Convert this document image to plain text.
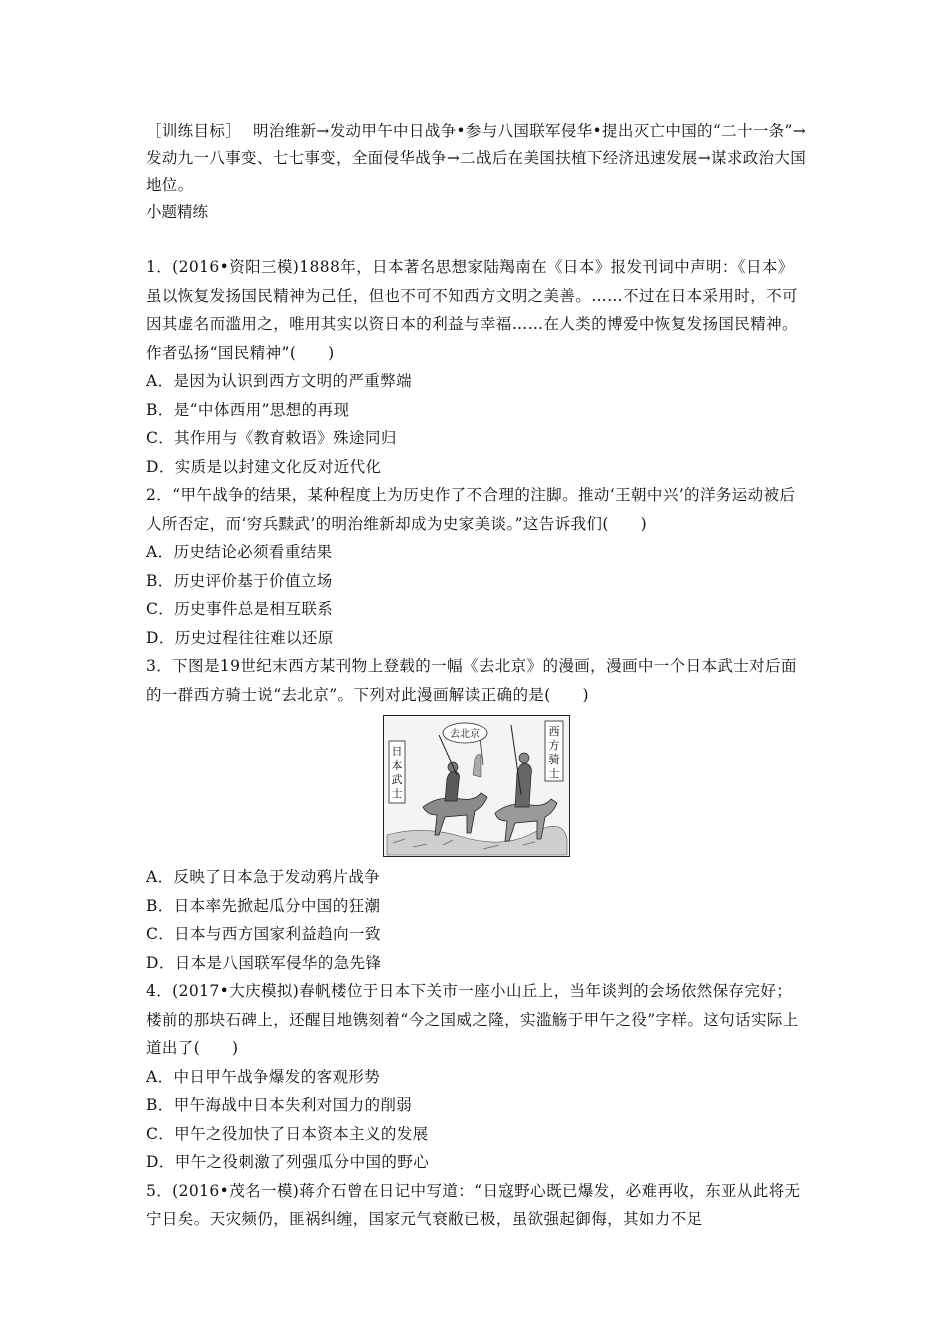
［训练目标］ 明治维新→发动甲午中日战争•参与八国联军侵华•提出灭亡中国的“二十一条”→发动九一八事变、七七事变，全面侵华战争→二战后在美国扶植下经济迅速发展→谋求政治大国地位。

小题精练

1．(2016•资阳三模)1888年，日本著名思想家陆羯南在《日本》报发刊词中声明：《日本》虽以恢复发扬国民精神为己任，但也不可不知西方文明之美善。……不过在日本采用时，不可因其虚名而滥用之，唯用其实以资日本的利益与幸福……在人类的博爱中恢复发扬国民精神。作者弘扬“国民精神”(　　)

A．是因为认识到西方文明的严重弊端

B．是“中体西用”思想的再现

C．其作用与《教育敕语》殊途同归

D．实质是以封建文化反对近代化

2．“甲午战争的结果，某种程度上为历史作了不合理的注脚。推动‘王朝中兴’的洋务运动被后人所否定，而‘穷兵黩武’的明治维新却成为史家美谈。”这告诉我们(　　)

A．历史结论必须看重结果

B．历史评价基于价值立场

C．历史事件总是相互联系

D．历史过程往往难以还原

3．下图是19世纪末西方某刊物上登载的一幅《去北京》的漫画，漫画中一个日本武士对后面的一群西方骑士说“去北京”。下列对此漫画解读正确的是(　　)

日本武士
去北京	西方骑士

A．反映了日本急于发动鸦片战争

B．日本率先掀起瓜分中国的狂潮

C．日本与西方国家利益趋向一致

D．日本是八国联军侵华的急先锋

4．(2017•大庆模拟)春帆楼位于日本下关市一座小山丘上，当年谈判的会场依然保存完好；楼前的那块石碑上，还醒目地镌刻着“今之国威之隆，实滥觞于甲午之役”字样。这句话实际上道出了(　　)

A．中日甲午战争爆发的客观形势

B．甲午海战中日本失利对国力的削弱

C．甲午之役加快了日本资本主义的发展

D．甲午之役刺激了列强瓜分中国的野心

5．(2016•茂名一模)蒋介石曾在日记中写道：“日寇野心既已爆发，必难再收，东亚从此将无宁日矣。天灾频仍，匪祸纠缠，国家元气衰敝已极，虽欲强起御侮，其如力不足
